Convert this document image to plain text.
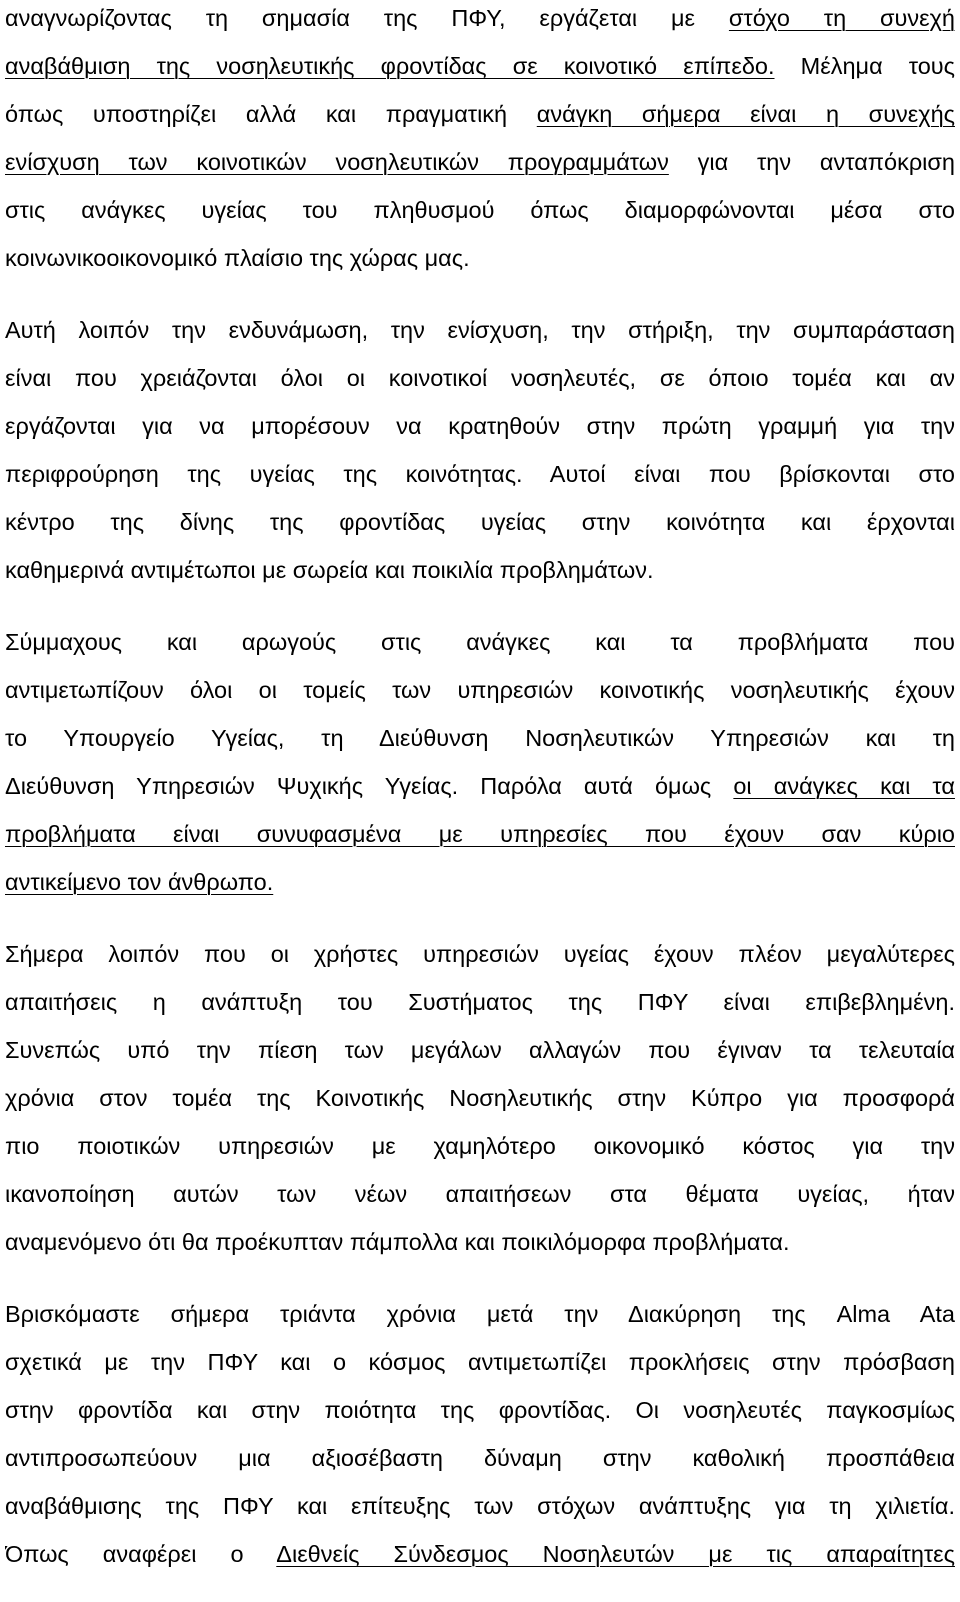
αναγνωρίζοντας τη σημασία της ΠΦΥ, εργάζεται με στόχο τη συνεχή
αναβάθμιση της νοσηλευτικής φροντίδας σε κοινοτικό επίπεδο. Μέλημα τους
όπως υποστηρίζει αλλά και πραγματική ανάγκη σήμερα είναι η συνεχής
ενίσχυση των κοινοτικών νοσηλευτικών προγραμμάτων για την ανταπόκριση
στις ανάγκες υγείας του πληθυσμού όπως διαμορφώνονται μέσα στο
κοινωνικοοικονομικό πλαίσιο της χώρας μας.
Αυτή λοιπόν την ενδυνάμωση, την ενίσχυση, την στήριξη, την συμπαράσταση
είναι που χρειάζονται όλοι οι κοινοτικοί νοσηλευτές, σε όποιο τομέα και αν
εργάζονται για να μπορέσουν να κρατηθούν στην πρώτη γραμμή για την
περιφρούρηση της υγείας της κοινότητας. Αυτοί είναι που βρίσκονται στο
κέντρο της δίνης της φροντίδας υγείας στην κοινότητα και έρχονται
καθημερινά αντιμέτωποι με σωρεία και ποικιλία προβλημάτων.
Σύμμαχους και αρωγούς στις ανάγκες και τα προβλήματα που
αντιμετωπίζουν όλοι οι τομείς των υπηρεσιών κοινοτικής νοσηλευτικής έχουν
το Υπουργείο Υγείας, τη Διεύθυνση Νοσηλευτικών Υπηρεσιών και τη
Διεύθυνση Υπηρεσιών Ψυχικής Υγείας. Παρόλα αυτά όμως οι ανάγκες και τα
προβλήματα είναι συνυφασμένα με υπηρεσίες που έχουν σαν κύριο
αντικείμενο τον άνθρωπο.
Σήμερα λοιπόν που οι χρήστες υπηρεσιών υγείας έχουν πλέον μεγαλύτερες
απαιτήσεις η ανάπτυξη του Συστήματος της ΠΦΥ είναι επιβεβλημένη.
Συνεπώς υπό την πίεση των μεγάλων αλλαγών που έγιναν τα τελευταία
χρόνια στον τομέα της Κοινοτικής Νοσηλευτικής στην Κύπρο για προσφορά
πιο ποιοτικών υπηρεσιών με χαμηλότερο οικονομικό κόστος για την
ικανοποίηση αυτών των νέων απαιτήσεων στα θέματα υγείας, ήταν
αναμενόμενο ότι θα προέκυπταν πάμπολλα και ποικιλόμορφα προβλήματα.
Βρισκόμαστε σήμερα τριάντα χρόνια μετά την Διακύρηση της Alma Ata
σχετικά με την ΠΦΥ και ο κόσμος αντιμετωπίζει προκλήσεις στην πρόσβαση
στην φροντίδα και στην ποιότητα της φροντίδας. Οι νοσηλευτές παγκοσμίως
αντιπροσωπεύουν μια αξιοσέβαστη δύναμη στην καθολική προσπάθεια
αναβάθμισης της ΠΦΥ και επίτευξης των στόχων ανάπτυξης για τη χιλιετία.
Όπως αναφέρει ο Διεθνείς Σύνδεσμος Νοσηλευτών με τις απαραίτητες
